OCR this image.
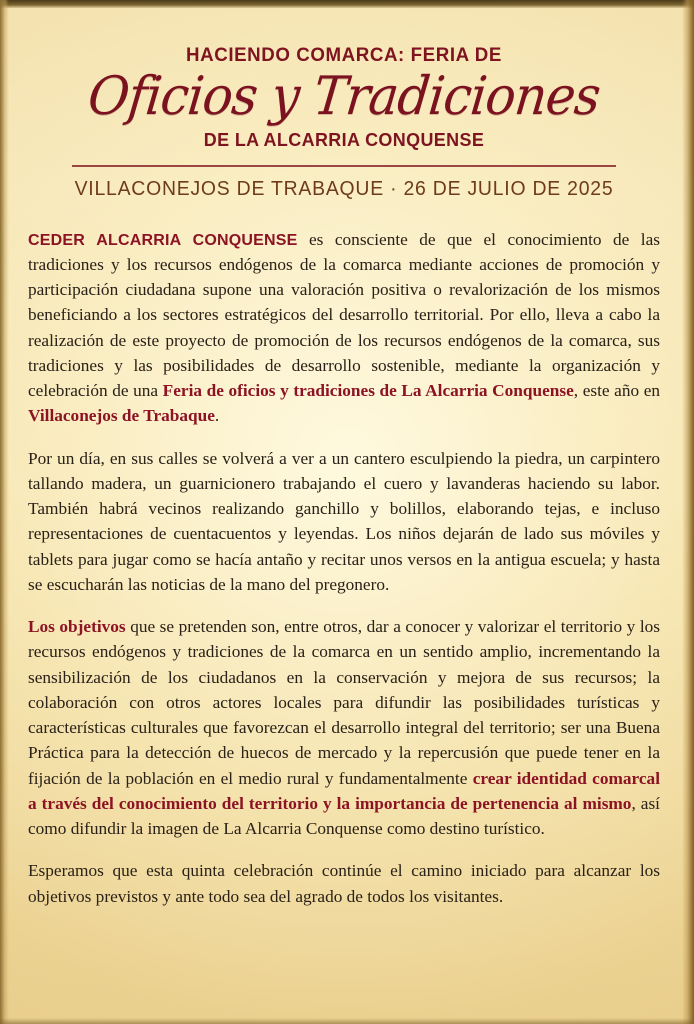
HACIENDO COMARCA: FERIA DE
Oficios y Tradiciones
DE LA ALCARRIA CONQUENSE
VILLACONEJOS DE TRABAQUE · 26 DE JULIO DE 2025

CEDER ALCARRIA CONQUENSE es consciente de que el conocimiento de las tradiciones y los recursos endógenos de la comarca mediante acciones de promoción y participación ciudadana supone una valoración positiva o revalorización de los mismos beneficiando a los sectores estratégicos del desarrollo territorial. Por ello, lleva a cabo la realización de este proyecto de promoción de los recursos endógenos de la comarca, sus tradiciones y las posibilidades de desarrollo sostenible, mediante la organización y celebración de una Feria de oficios y tradiciones de La Alcarria Conquense, este año en Villaconejos de Trabaque.

Por un día, en sus calles se volverá a ver a un cantero esculpiendo la piedra, un carpintero tallando madera, un guarnicionero trabajando el cuero y lavanderas haciendo su labor. También habrá vecinos realizando ganchillo y bolillos, elaborando tejas, e incluso representaciones de cuentacuentos y leyendas. Los niños dejarán de lado sus móviles y tablets para jugar como se hacía antaño y recitar unos versos en la antigua escuela; y hasta se escucharán las noticias de la mano del pregonero.

Los objetivos que se pretenden son, entre otros, dar a conocer y valorizar el territorio y los recursos endógenos y tradiciones de la comarca en un sentido amplio, incrementando la sensibilización de los ciudadanos en la conservación y mejora de sus recursos; la colaboración con otros actores locales para difundir las posibilidades turísticas y características culturales que favorezcan el desarrollo integral del territorio; ser una Buena Práctica para la detección de huecos de mercado y la repercusión que puede tener en la fijación de la población en el medio rural y fundamentalmente crear identidad comarcal a través del conocimiento del territorio y la importancia de pertenencia al mismo, así como difundir la imagen de La Alcarria Conquense como destino turístico.

Esperamos que esta quinta celebración continúe el camino iniciado para alcanzar los objetivos previstos y ante todo sea del agrado de todos los visitantes.
